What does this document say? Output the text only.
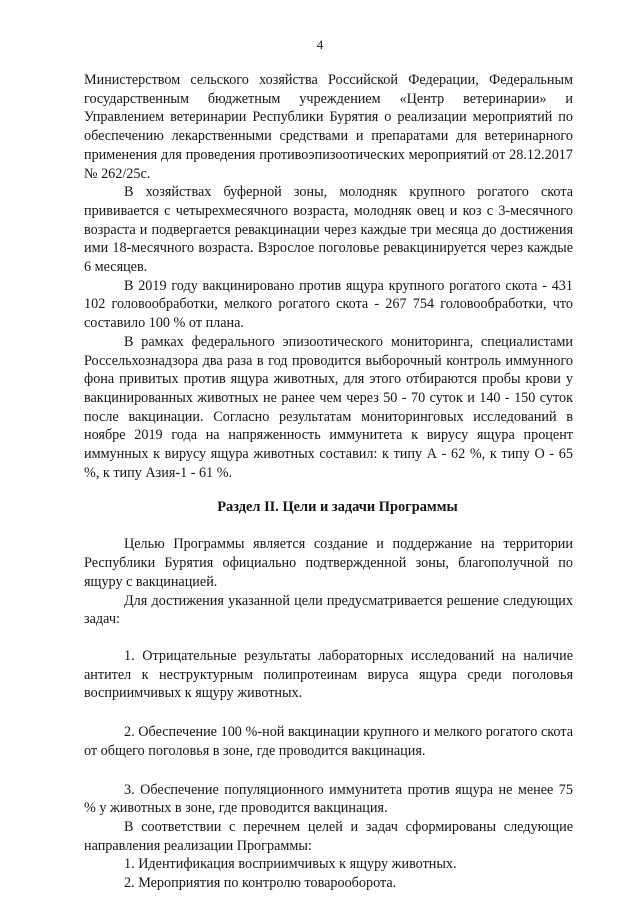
4

Министерством сельского хозяйства Российской Федерации, Федеральным государственным бюджетным учреждением «Центр ветеринарии» и Управлением ветеринарии Республики Бурятия о реализации мероприятий по обеспечению лекарственными средствами и препаратами для ветеринарного применения для проведения противоэпизоотических мероприятий от 28.12.2017 № 262/25с.

В хозяйствах буферной зоны, молодняк крупного рогатого скота прививается с четырехмесячного возраста, молодняк овец и коз с 3-месячного возраста и подвергается ревакцинации через каждые три месяца до достижения ими 18-месячного возраста. Взрослое поголовье ревакцинируется через каждые 6 месяцев.

В 2019 году вакцинировано против ящура крупного рогатого скота - 431 102 головообработки, мелкого рогатого скота - 267 754 головообработки, что составило 100 % от плана.

В рамках федерального эпизоотического мониторинга, специалистами Россельхознадзора два раза в год проводится выборочный контроль иммунного фона привитых против ящура животных, для этого отбираются пробы крови у вакцинированных животных не ранее чем через 50 - 70 суток и 140 - 150 суток после вакцинации. Согласно результатам мониторинговых исследований в ноябре 2019 года на напряженность иммунитета к вирусу ящура процент иммунных к вирусу ящура животных составил: к типу А - 62 %, к типу О - 65 %, к типу Азия-1 - 61 %.

Раздел II. Цели и задачи Программы

Целью Программы является создание и поддержание на территории Республики Бурятия официально подтвержденной зоны, благополучной по ящуру с вакцинацией.

Для достижения указанной цели предусматривается решение следующих задач:

1. Отрицательные результаты лабораторных исследований на наличие антител к неструктурным полипротеинам вируса ящура среди поголовья восприимчивых к ящуру животных.

2. Обеспечение 100 %-ной вакцинации крупного и мелкого рогатого скота от общего поголовья в зоне, где проводится вакцинация.

3. Обеспечение популяционного иммунитета против ящура не менее 75 % у животных в зоне, где проводится вакцинация.

В соответствии с перечнем целей и задач сформированы следующие направления реализации Программы:

1. Идентификация восприимчивых к ящуру животных.

2. Мероприятия по контролю товарооборота.
